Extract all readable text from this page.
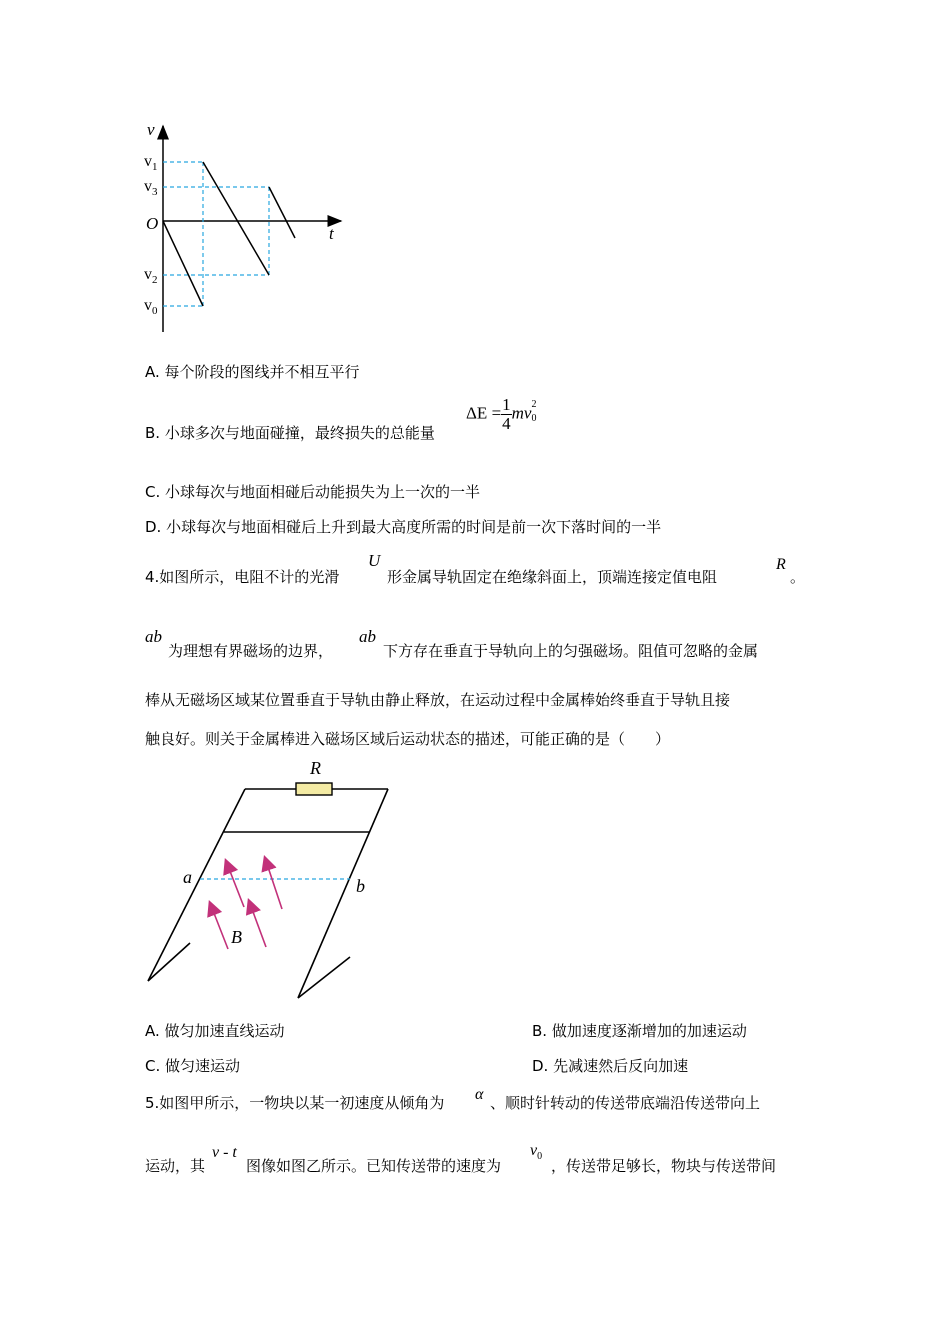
v
t
O
$v_1$
$v_3$
$v_2$
$v_0$
A. 每个阶段的图线并不相互平行
B. 小球多次与地面碰撞，最终损失的总能量
$\Delta E = \frac{1}{4}$ mv 2
0
C. 小球每次与地面相碰后动能损失为上一次的一半
D. 小球每次与地面相碰后上升到最大高度所需的时间是前一次下落时间的一半
4.如图所示，电阻不计的光滑
U
形金属导轨固定在绝缘斜面上，顶端连接定值电阻
R
。
ab
为理想有界磁场的边界，
ab
下方存在垂直于导轨向上的匀强磁场。阻值可忽略的金属
棒从无磁场区域某位置垂直于导轨由静止释放，在运动过程中金属棒始终垂直于导轨且接
触良好。则关于金属棒进入磁场区域后运动状态的描述，可能正确的是（　　）
R
a	b
B
A. 做匀加速直线运动	B. 做加速度逐渐增加的加速运动
C. 做匀速运动	D. 先减速然后反向加速
5.如图甲所示，一物块以某一初速度从倾角为 α 、顺时针转动的传送带底端沿传送带向上
运动，其
v - t
图像如图乙所示。已知传送带的速度为
$v_0$
，传送带足够长，物块与传送带间
